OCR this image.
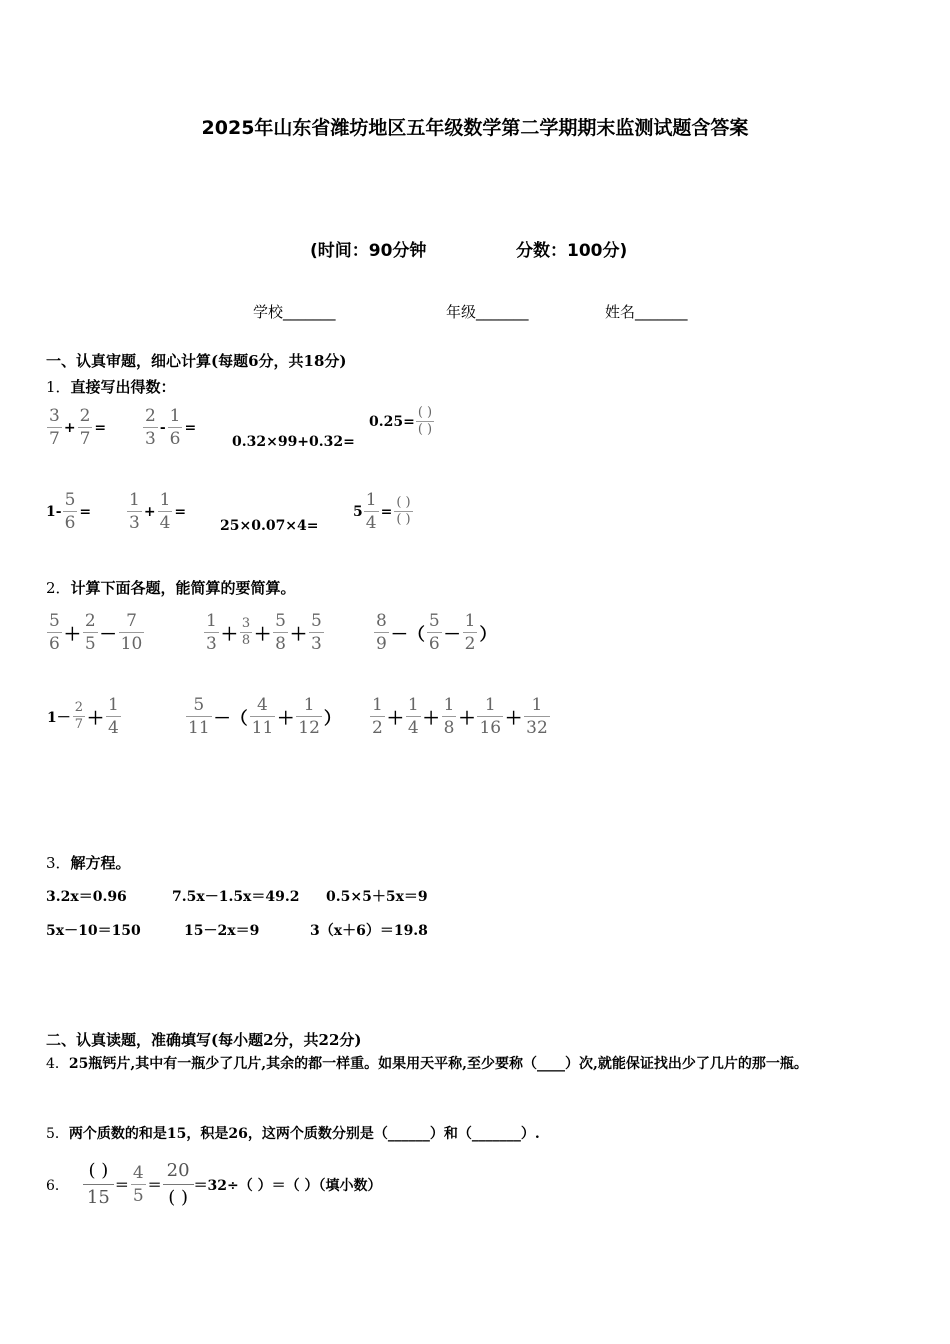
2025年山东省潍坊地区五年级数学第二学期期末监测试题含答案
(时间：90分钟	分数：100分)
学校_______	年级_______	姓名_______
一、认真审题，细心计算(每题6分，共18分)
1．直接写出得数：
$\frac{3}{7} + \frac{2}{7} = \frac{2}{3} - \frac{1}{6}$ =
0.32×99+0.32=
$0.25= \frac{( )}{( )}$
$1- \frac{5}{6} = \frac{1}{3} + \frac{1}{4}$ =
25×0.07×4=
$5 \frac{1}{4} = \frac{( )}{( )}$
2．计算下面各题，能简算的要简算。
$\frac{5}{6} + \frac{2}{5} - \frac{7}{10}$	$\frac{1}{3} + \frac{3}{8} + \frac{5}{8} + \frac{5}{3}$	$\frac{8}{9}$ －（ $\frac{5}{6} - \frac{1}{2}$ ）
$1- \frac{2}{7} + \frac{1}{4}$	$\frac{5}{11}$ －（ $\frac{4}{11} + \frac{1}{12}$ ） $\frac{1}{2} + \frac{1}{4} + \frac{1}{8} + \frac{1}{16} + \frac{1}{32}$
3．解方程。
3.2x＝0.96	7.5x－1.5x＝49.2 0.5×5＋5x＝9
5x－10＝150	15－2x＝9	3（x＋6）＝19.8
二、认真读题，准确填写(每小题2分，共22分)
4．25瓶钙片,其中有一瓶少了几片,其余的都一样重。如果用天平称,至少要称（____）次,就能保证找出少了几片的那一瓶。
5．两个质数的和是15，积是26，这两个质数分别是（______）和（_______）.
6．
( )
15
＝ $\frac{4}{5}$ ＝
20
( )
＝32÷（ ）＝（ ）（填小数）
